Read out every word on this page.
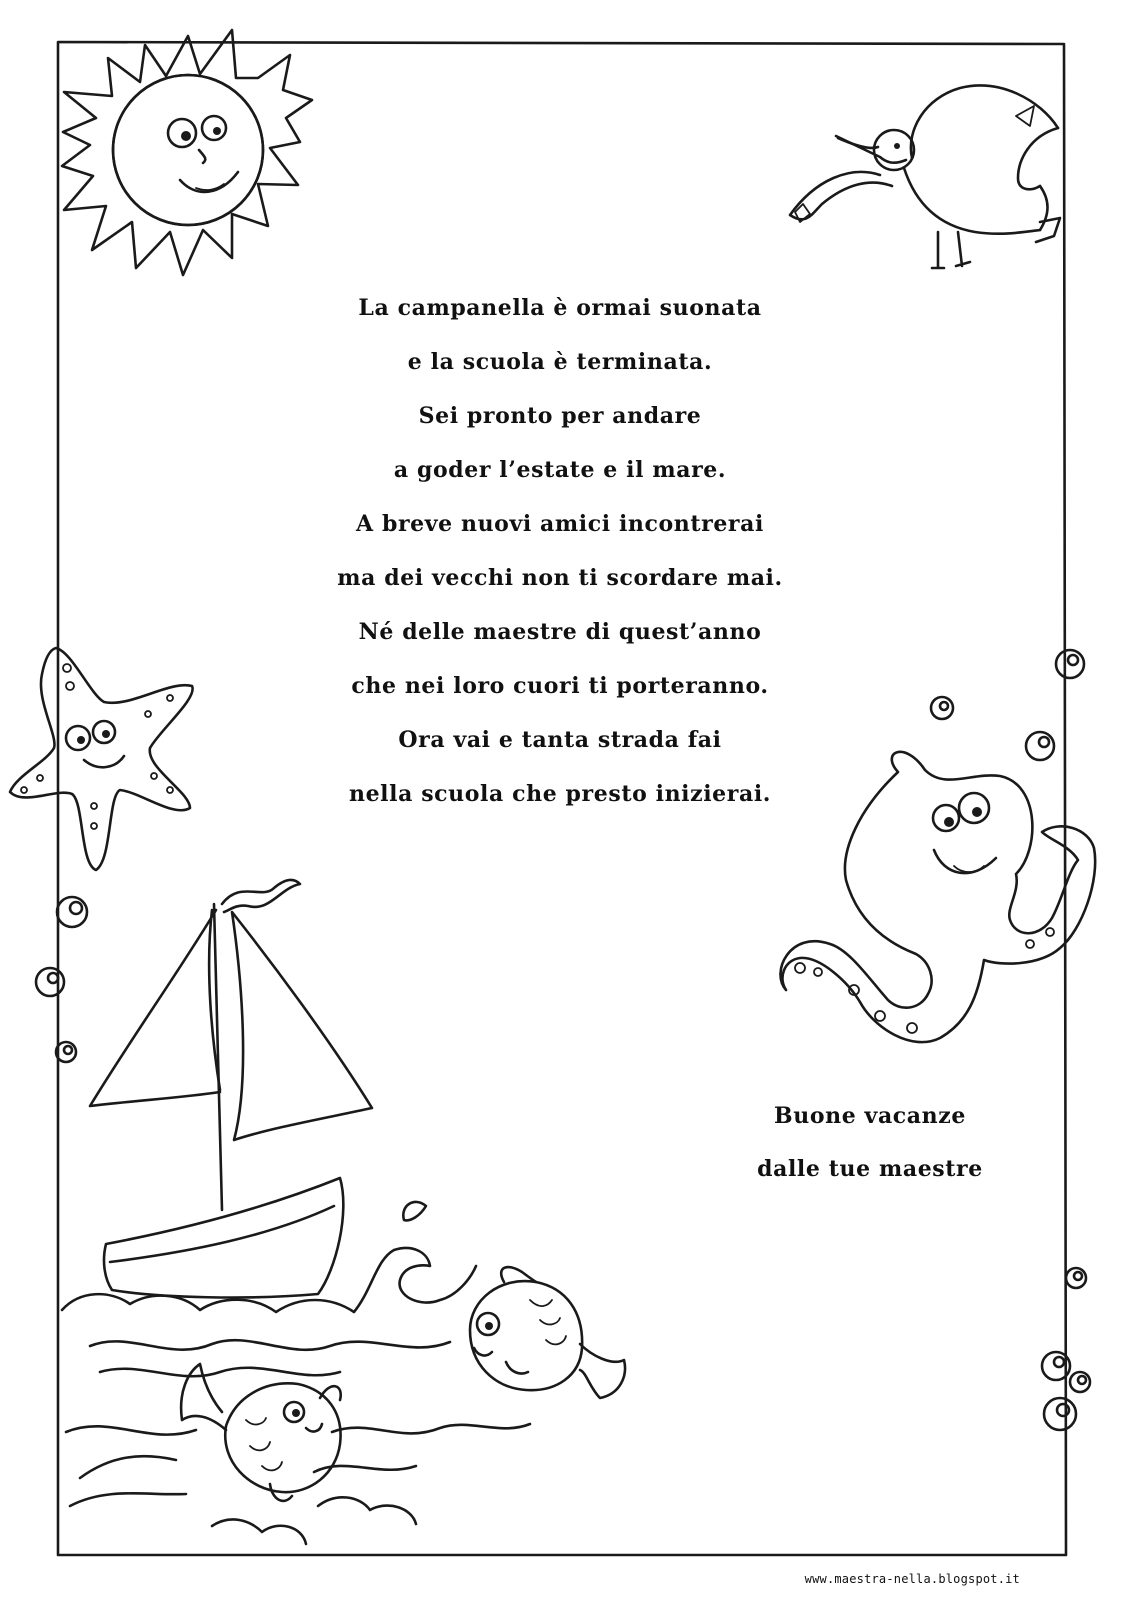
La campanella è ormai suonata
e la scuola è terminata.
Sei pronto per andare
a goder l’estate e il mare.
A breve nuovi amici incontrerai
ma dei vecchi non ti scordare mai.
Né delle maestre di quest’anno
che nei loro cuori ti porteranno.
Ora vai e tanta strada fai
nella scuola che presto inizierai.
Buone vacanze
dalle tue maestre
www.maestra-nella.blogspot.it
